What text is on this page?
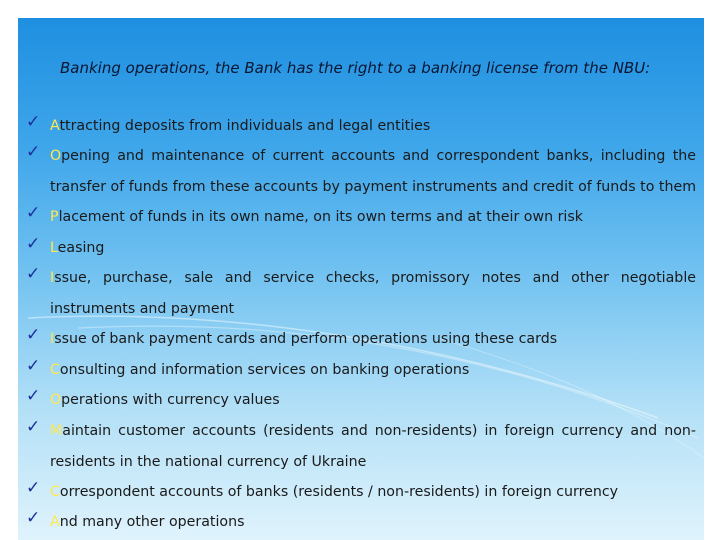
Banking operations, the Bank has the right to a banking license from the NBU:
✓ Attracting deposits from individuals and legal entities
✓ Opening and maintenance of current accounts and correspondent banks, including the transfer of funds from these accounts by payment instruments and credit of funds to them
✓ Placement of funds in its own name, on its own terms and at their own risk
✓ Leasing
✓ Issue, purchase, sale and service checks, promissory notes and other negotiable instruments and payment
✓ Issue of bank payment cards and perform operations using these cards
✓ Consulting and information services on banking operations
✓ Operations with currency values
✓ Maintain customer accounts (residents and non-residents) in foreign currency and non-residents in the national currency of Ukraine
✓ Correspondent accounts of banks (residents / non-residents) in foreign currency
✓ And many other operations
